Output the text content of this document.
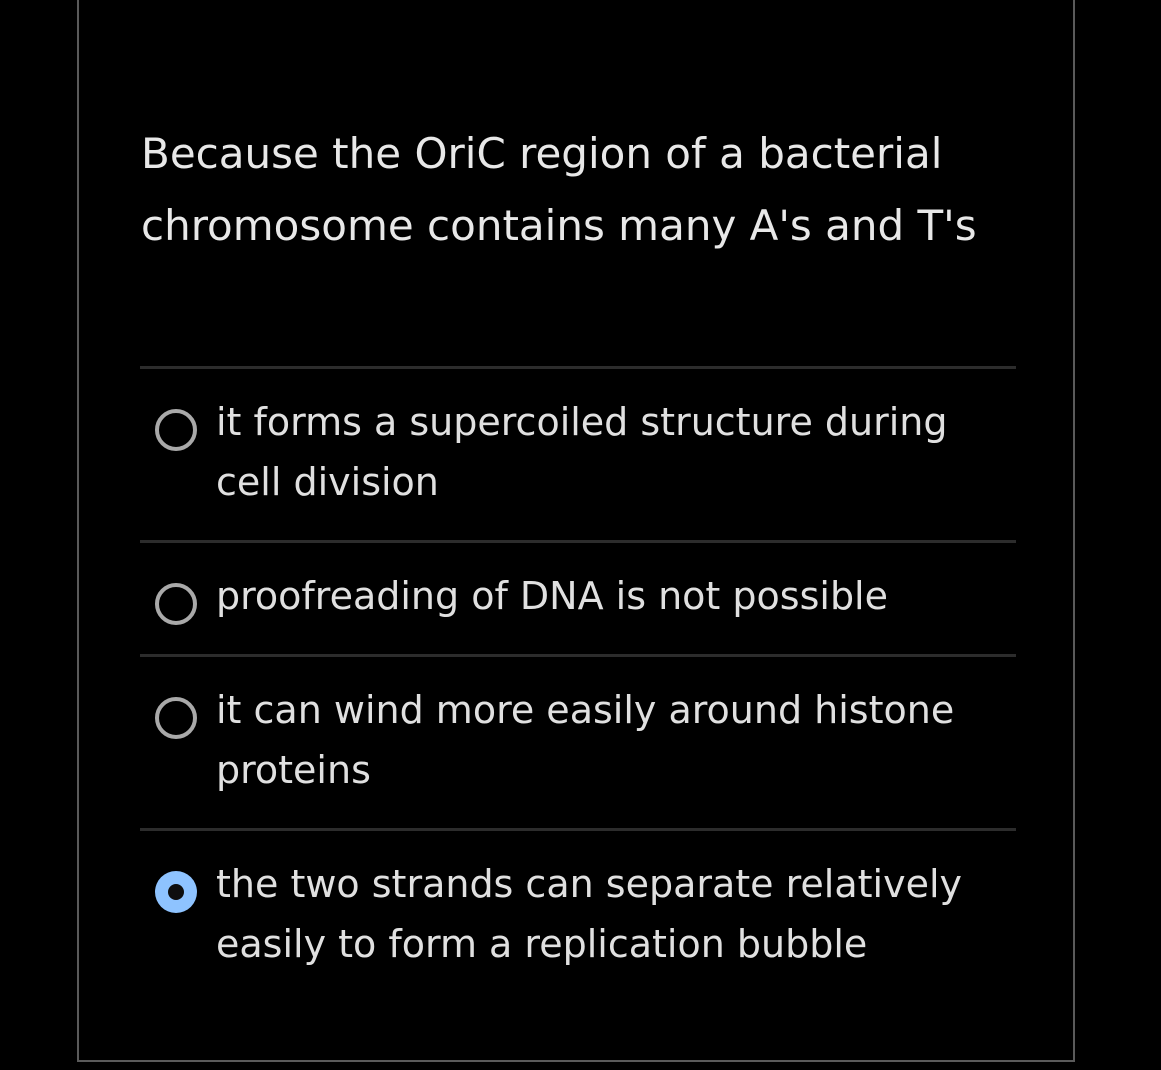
Because the OriC region of a bacterial chromosome contains many A's and T's

it forms a supercoiled structure during cell division
proofreading of DNA is not possible
it can wind more easily around histone proteins
the two strands can separate relatively easily to form a replication bubble
